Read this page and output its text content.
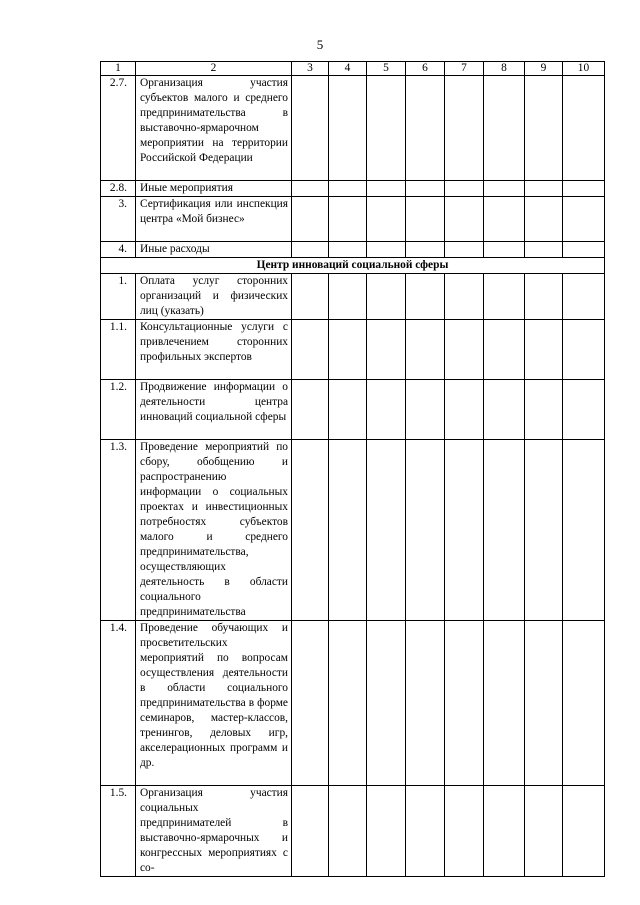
5
1	2	3	4	5	6	7	8	9	10
2.7.	Организация участия субъектов малого и среднего предпринимательства в выставочно-ярмарочном мероприятии на территории Российской Федерации								
2.8.	Иные мероприятия								
3.	Сертификация или инспекция центра «Мой бизнес»								
4.	Иные расходы								
Центр инноваций социальной сферы									
1.	Оплата услуг сторонних организаций и физических лиц (указать)								
1.1.	Консультационные услуги с привлечением сторонних профильных экспертов								
1.2.	Продвижение информации о деятельности центра инноваций социальной сферы								
1.3.	Проведение мероприятий по сбору, обобщению и распространению информации о социальных проектах и инвестиционных потребностях субъектов малого и среднего предпринимательства, осуществляющих деятельность в области социального предпринимательства								
1.4.	Проведение обучающих и просветительских мероприятий по вопросам осуществления деятельности в области социального предпринимательства в форме семинаров, мастер-классов, тренингов, деловых игр, акселерационных программ и др.								
1.5.	Организация участия социальных предпринимателей в выставочно-ярмарочных и конгрессных мероприятиях с со-								
